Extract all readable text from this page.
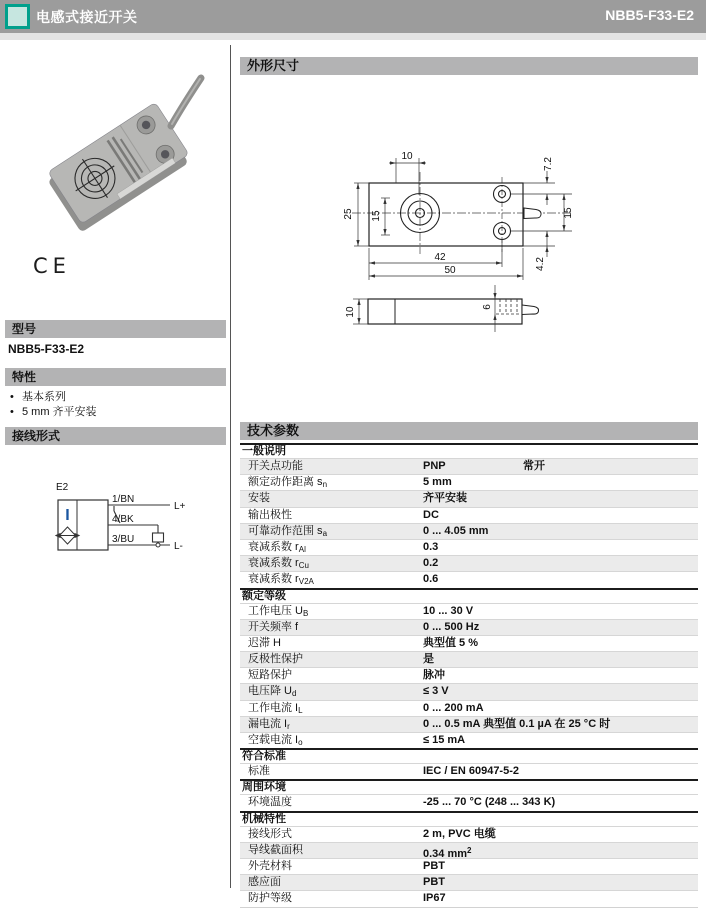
电感式接近开关	NBB5-F33-E2
CE
型号
NBB5-F33-E2
特性
• 基本系列
• 5 mm 齐平安装
接线形式
E2
I
1/BN
4/BK
3/BU
L+
L-
外形尺寸
10
25 15
42
50
7.2
15
4.2
10	6
技术参数
一般说明
开关点功能	PNP	常开
额定动作距离 $s_n$	5 mm
安装	齐平安装
输出极性	DC
可靠动作范围 $s_a$	0 ... 4.05 mm
衰减系数 $r_{Al}$	0.3
衰减系数 $r_{Cu}$	0.2
衰减系数 $r_{V2A}$	0.6
额定等级
工作电压 $U_B$	10 ... 30 V
开关频率 f	0 ... 500 Hz
迟滞 H	典型值 5 %
反极性保护	是
短路保护	脉冲
电压降 $U_d$	≤ 3 V
工作电流 $I_L$	0 ... 200 mA
漏电流 $I_r$	0 ... 0.5 mA 典型值 0.1 µA 在 25 °C 时
空载电流 $I_o$	≤ 15 mA
符合标准
标准	IEC / EN 60947-5-2
周围环境
环境温度	-25 ... 70 °C (248 ... 343 K)
机械特性
接线形式	2 m, PVC 电缆
导线截面积	0.34 $mm^2$
外壳材料	PBT
感应面	PBT
防护等级	IP67
